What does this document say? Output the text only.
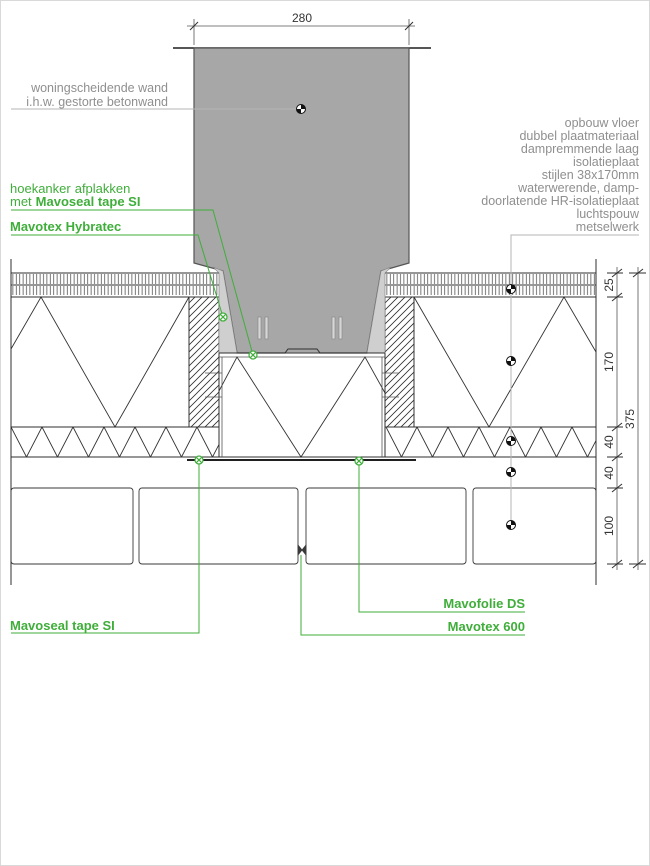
280
25
170
40
40
100
375
woningscheidende wand
i.h.w. gestorte betonwand
opbouw vloer
dubbel plaatmateriaal
dampremmende laag
isolatieplaat
stijlen 38x170mm
waterwerende, damp-
doorlatende HR-isolatieplaat
luchtspouw
metselwerk
hoekanker afplakken
met Mavoseal tape SI
Mavotex Hybratec
Mavoseal tape SI
Mavofolie DS
Mavotex 600
